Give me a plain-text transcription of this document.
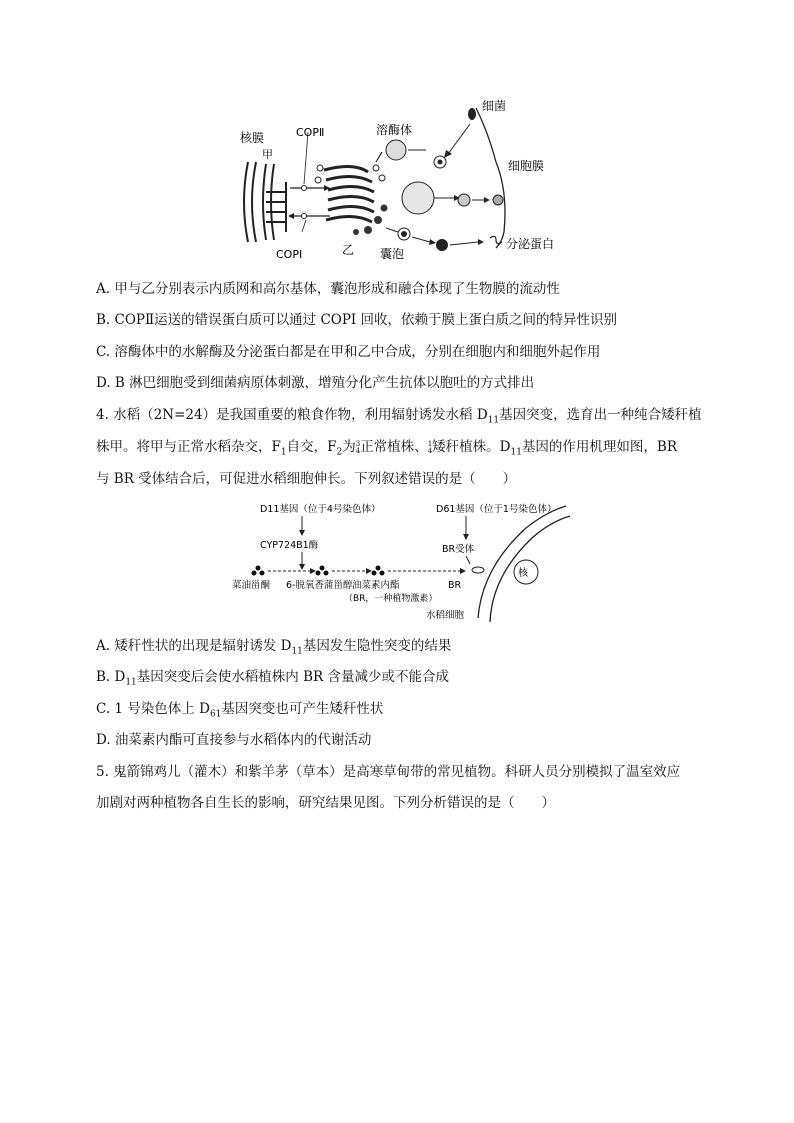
核膜
甲
COPⅡ
COPⅠ	乙
溶酶体
细菌
细胞膜
囊泡
分泌蛋白
A. 甲与乙分别表示内质网和高尔基体，囊泡形成和融合体现了生物膜的流动性
B. COPⅡ运送的错误蛋白质可以通过 COPI 回收，依赖于膜上蛋白质之间的特异性识别
C. 溶酶体中的水解酶及分泌蛋白都是在甲和乙中合成，分别在细胞内和细胞外起作用
D. B 淋巴细胞受到细菌病原体刺激，增殖分化产生抗体以胞吐的方式排出
4. 水稻（2N=24）是我国重要的粮食作物，利用辐射诱发水稻 $D_{11}$基因突变，选育出一种纯合矮秆植
株甲。将甲与正常水稻杂交，$F_1$自交，$F_2$为 3
4 正常植株、 1
4 矮秆植株。$D_{11}$基因的作用机理如图，BR
与 BR 受体结合后，可促进水稻细胞伸长。下列叙述错误的是（　　）
D11基因（位于4号染色体）	D61基因（位于1号染色体）
CYP724B1酶	BR受体
菜油甾酮 6-脱氧香蒲甾醇 油菜素内酯
（BR，一种植物激素）
BR
核
水稻细胞
A. 矮秆性状的出现是辐射诱发 $D_{11}$基因发生隐性突变的结果
B. $D_{11}$基因突变后会使水稻植株内 BR 含量减少或不能合成
C. 1 号染色体上 $D_{61}$基因突变也可产生矮秆性状
D. 油菜素内酯可直接参与水稻体内的代谢活动
5. 鬼箭锦鸡儿（灌木）和紫羊茅（草本）是高寒草甸带的常见植物。科研人员分别模拟了温室效应
加剧对两种植物各自生长的影响，研究结果见图。下列分析错误的是（　　）
